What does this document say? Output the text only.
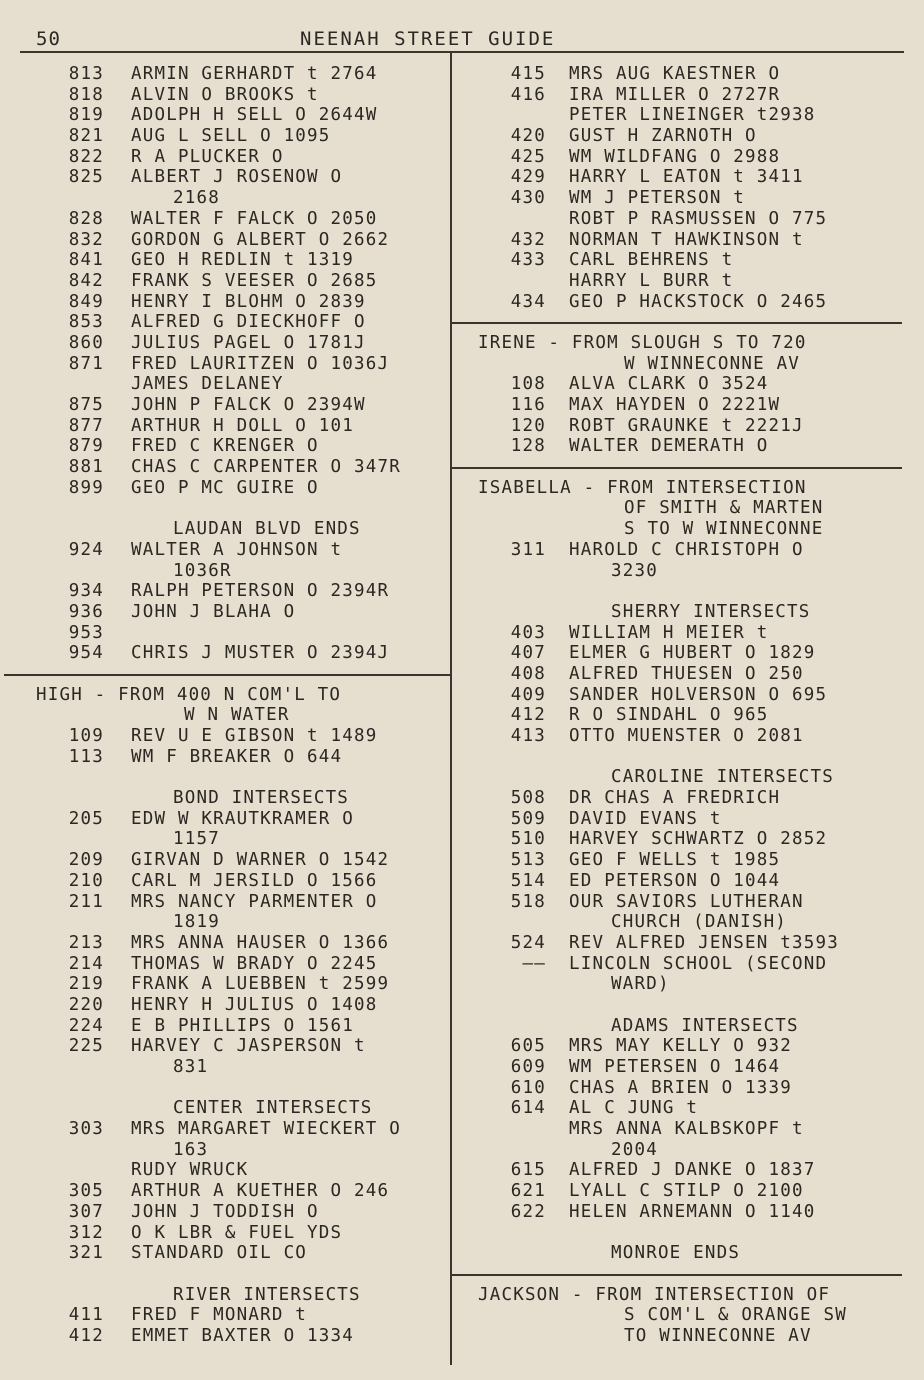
50	NEENAH STREET GUIDE
813 ARMIN GERHARDT t 2764
818 ALVIN O BROOKS t
819 ADOLPH H SELL O 2644W
821 AUG L SELL O 1095
822 R A PLUCKER O
825 ALBERT J ROSENOW O
2168
828 WALTER F FALCK O 2050
832 GORDON G ALBERT O 2662
841 GEO H REDLIN t 1319
842 FRANK S VEESER O 2685
849 HENRY I BLOHM O 2839
853 ALFRED G DIECKHOFF O
860 JULIUS PAGEL O 1781J
871 FRED LAURITZEN O 1036J
JAMES DELANEY
875 JOHN P FALCK O 2394W
877 ARTHUR H DOLL O 101
879 FRED C KRENGER O
881 CHAS C CARPENTER O 347R
899 GEO P MC GUIRE O
LAUDAN BLVD ENDS
924 WALTER A JOHNSON t
1036R
934 RALPH PETERSON O 2394R
936 JOHN J BLAHA O
953
954 CHRIS J MUSTER O 2394J
HIGH - FROM 400 N COM'L TO
W N WATER
109 REV U E GIBSON t 1489
113 WM F BREAKER O 644
BOND INTERSECTS
205 EDW W KRAUTKRAMER O
1157
209 GIRVAN D WARNER O 1542
210 CARL M JERSILD O 1566
211 MRS NANCY PARMENTER O
1819
213 MRS ANNA HAUSER O 1366
214 THOMAS W BRADY O 2245
219 FRANK A LUEBBEN t 2599
220 HENRY H JULIUS O 1408
224 E B PHILLIPS O 1561
225 HARVEY C JASPERSON t
831
CENTER INTERSECTS
303 MRS MARGARET WIECKERT O
163
RUDY WRUCK
305 ARTHUR A KUETHER O 246
307 JOHN J TODDISH O
312 O K LBR & FUEL YDS
321 STANDARD OIL CO
RIVER INTERSECTS
411 FRED F MONARD t
412 EMMET BAXTER O 1334
415 MRS AUG KAESTNER O
416 IRA MILLER O 2727R
PETER LINEINGER t2938
420 GUST H ZARNOTH O
425 WM WILDFANG O 2988
429 HARRY L EATON t 3411
430 WM J PETERSON t
ROBT P RASMUSSEN O 775
432 NORMAN T HAWKINSON t
433 CARL BEHRENS t
HARRY L BURR t
434 GEO P HACKSTOCK O 2465
IRENE - FROM SLOUGH S TO 720
W WINNECONNE AV
108 ALVA CLARK O 3524
116 MAX HAYDEN O 2221W
120 ROBT GRAUNKE t 2221J
128 WALTER DEMERATH O
ISABELLA - FROM INTERSECTION
OF SMITH & MARTEN
S TO W WINNECONNE
311 HAROLD C CHRISTOPH O
3230
SHERRY INTERSECTS
403 WILLIAM H MEIER t
407 ELMER G HUBERT O 1829
408 ALFRED THUESEN O 250
409 SANDER HOLVERSON O 695
412 R O SINDAHL O 965
413 OTTO MUENSTER O 2081
CAROLINE INTERSECTS
508 DR CHAS A FREDRICH
509 DAVID EVANS t
510 HARVEY SCHWARTZ O 2852
513 GEO F WELLS t 1985
514 ED PETERSON O 1044
518 OUR SAVIORS LUTHERAN
CHURCH (DANISH)
524 REV ALFRED JENSEN t3593
—— LINCOLN SCHOOL (SECOND
WARD)
ADAMS INTERSECTS
605 MRS MAY KELLY O 932
609 WM PETERSEN O 1464
610 CHAS A BRIEN O 1339
614 AL C JUNG t
MRS ANNA KALBSKOPF t
2004
615 ALFRED J DANKE O 1837
621 LYALL C STILP O 2100
622 HELEN ARNEMANN O 1140
MONROE ENDS
JACKSON - FROM INTERSECTION OF
S COM'L & ORANGE SW
TO WINNECONNE AV
